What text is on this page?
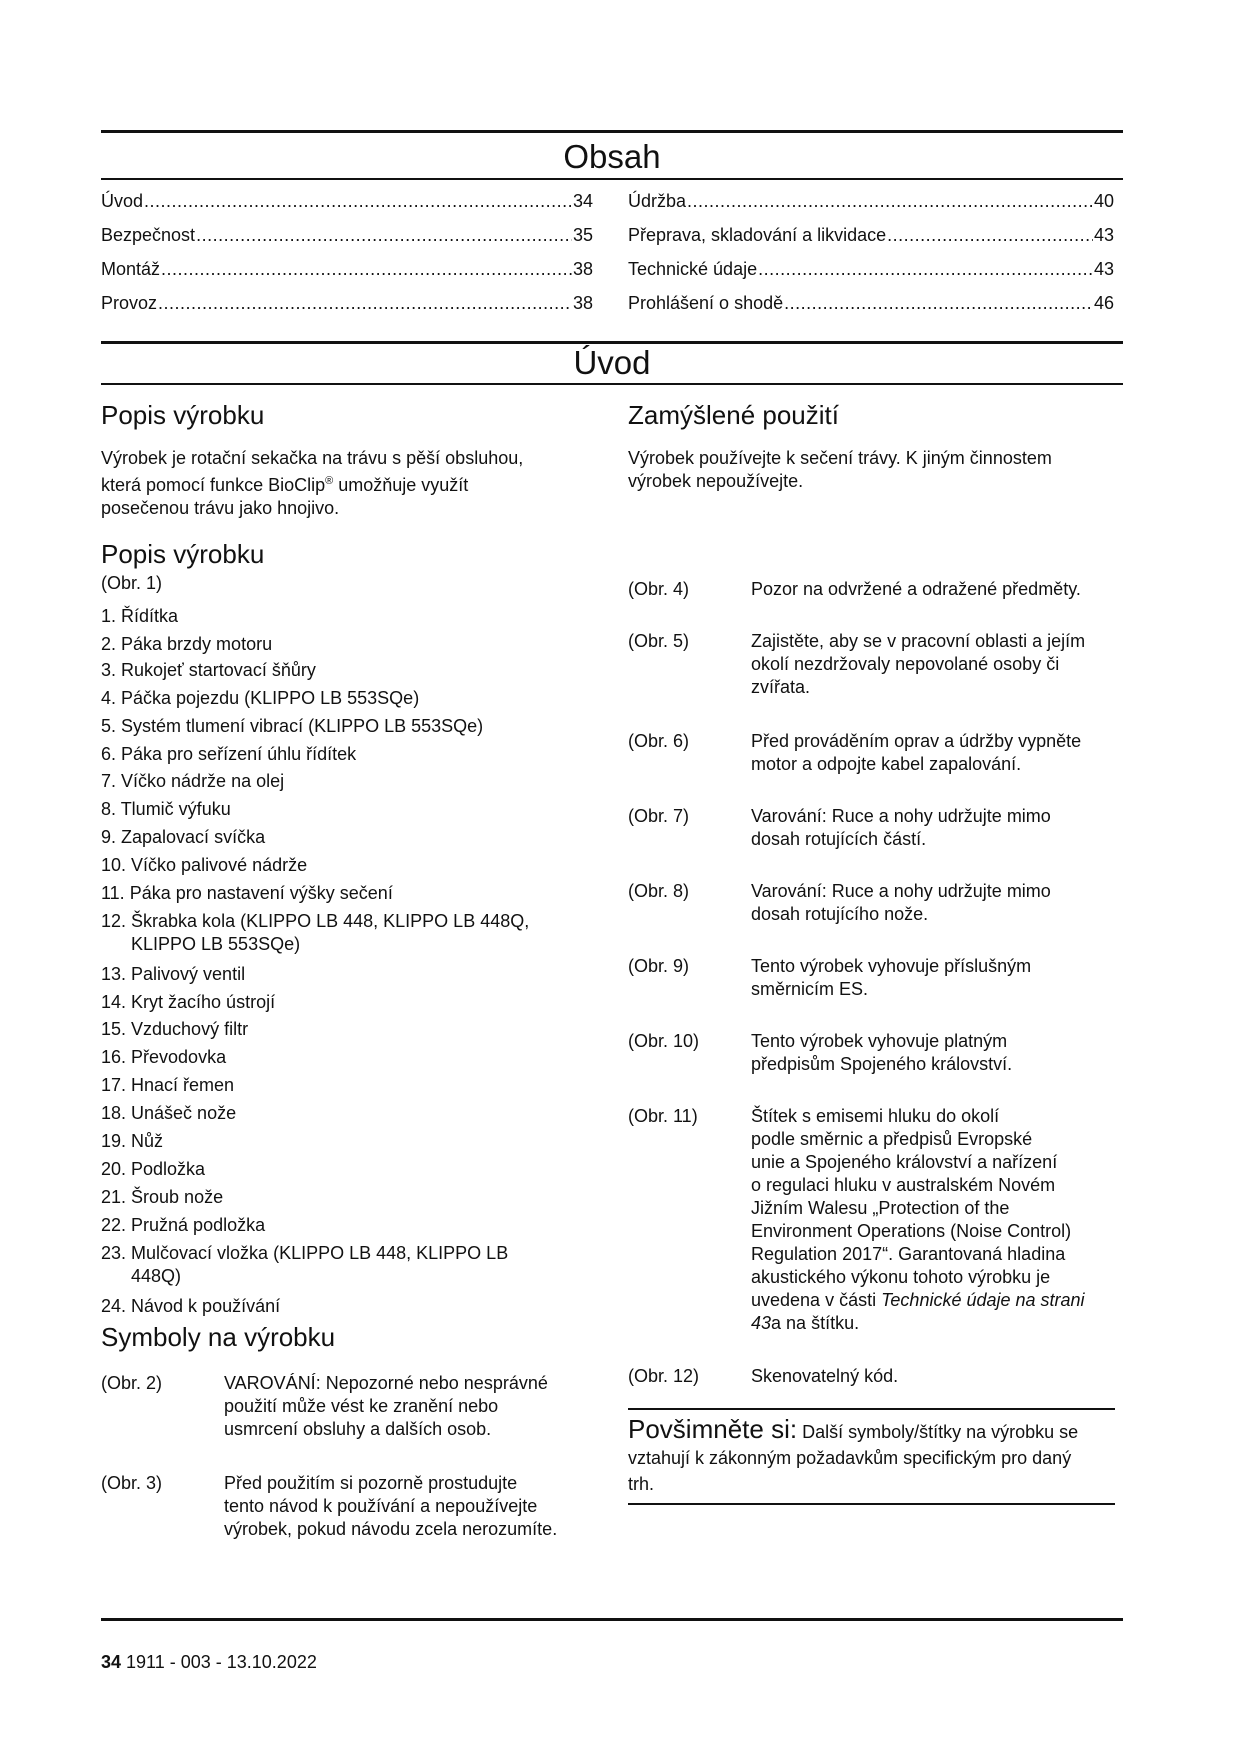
Obsah
Úvod .....	34
Bezpečnost .....	35
Montáž .....	38
Provoz .....	38
Údržba .....	40
Přeprava, skladování a likvidace .....	43
Technické údaje .....	43
Prohlášení o shodě .....	46
Úvod
Popis výrobku
Výrobek je rotační sekačka na trávu s pěší obsluhou,
která pomocí funkce BioClip® umožňuje využít
posečenou trávu jako hnojivo.
Zamýšlené použití
Výrobek používejte k sečení trávy. K jiným činnostem
výrobek nepoužívejte.
Popis výrobku
(Obr. 1)
1. Řídítka
2. Páka brzdy motoru
3. Rukojeť startovací šňůry
4. Páčka pojezdu (KLIPPO LB 553SQe)
5. Systém tlumení vibrací (KLIPPO LB 553SQe)
6. Páka pro seřízení úhlu řídítek
7. Víčko nádrže na olej
8. Tlumič výfuku
9. Zapalovací svíčka
10. Víčko palivové nádrže
11. Páka pro nastavení výšky sečení
12. Škrabka kola (KLIPPO LB 448, KLIPPO LB 448Q,
KLIPPO LB 553SQe)
13. Palivový ventil
14. Kryt žacího ústrojí
15. Vzduchový filtr
16. Převodovka
17. Hnací řemen
18. Unášeč nože
19. Nůž
20. Podložka
21. Šroub nože
22. Pružná podložka
23. Mulčovací vložka (KLIPPO LB 448, KLIPPO LB
448Q)
24. Návod k používání
Symboly na výrobku
(Obr. 2)	VAROVÁNÍ: Nepozorné nebo nesprávné
použití může vést ke zranění nebo
usmrcení obsluhy a dalších osob.
(Obr. 3)	Před použitím si pozorně prostudujte
tento návod k používání a nepoužívejte
výrobek, pokud návodu zcela nerozumíte.
(Obr. 4)	Pozor na odvržené a odražené předměty.
(Obr. 5)	Zajistěte, aby se v pracovní oblasti a jejím
okolí nezdržovaly nepovolané osoby či
zvířata.
(Obr. 6)	Před prováděním oprav a údržby vypněte
motor a odpojte kabel zapalování.
(Obr. 7)	Varování: Ruce a nohy udržujte mimo
dosah rotujících částí.
(Obr. 8)	Varování: Ruce a nohy udržujte mimo
dosah rotujícího nože.
(Obr. 9)	Tento výrobek vyhovuje příslušným
směrnicím ES.
(Obr. 10)	Tento výrobek vyhovuje platným
předpisům Spojeného království.
(Obr. 11)	Štítek s emisemi hluku do okolí
podle směrnic a předpisů Evropské
unie a Spojeného království a nařízení
o regulaci hluku v australském Novém
Jižním Walesu „Protection of the
Environment Operations (Noise Control)
Regulation 2017“. Garantovaná hladina
akustického výkonu tohoto výrobku je
uvedena v části Technické údaje na strani
43a na štítku.
(Obr. 12)	Skenovatelný kód.
Povšimněte si: Další symboly/štítky na výrobku se
vztahují k zákonným požadavkům specifickým pro daný
trh.
34 1911 - 003 - 13.10.2022
